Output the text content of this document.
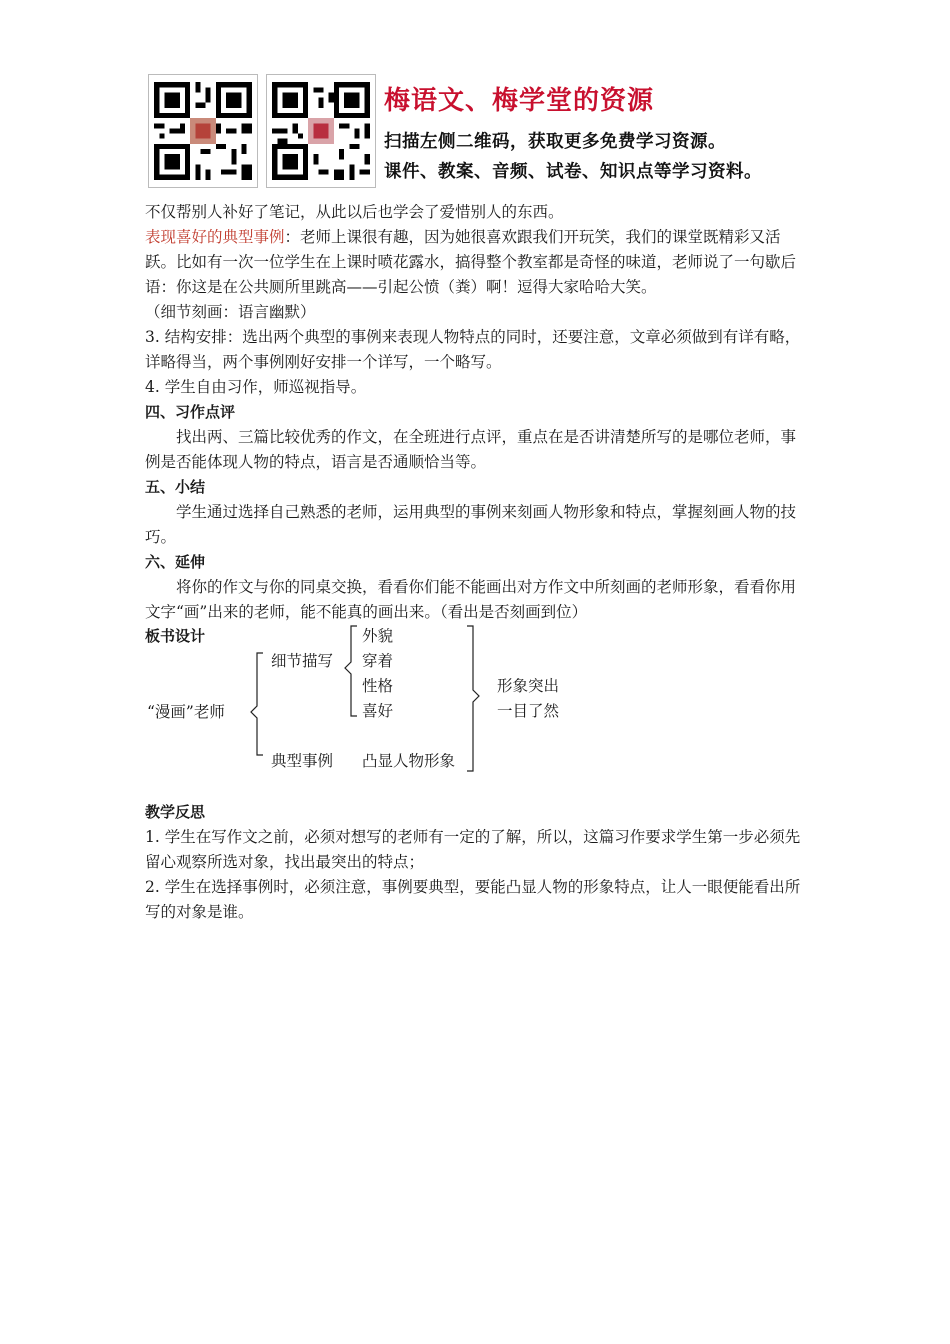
梅语文、梅学堂的资源
扫描左侧二维码，获取更多免费学习资源。
课件、教案、音频、试卷、知识点等学习资料。

不仅帮别人补好了笔记，从此以后也学会了爱惜别人的东西。

表现喜好的典型事例：老师上课很有趣，因为她很喜欢跟我们开玩笑，我们的课堂既精彩又活跃。比如有一次一位学生在上课时喷花露水，搞得整个教室都是奇怪的味道，老师说了一句歇后语：你这是在公共厕所里跳高——引起公愤（粪）啊！逗得大家哈哈大笑。

（细节刻画：语言幽默）

3. 结构安排：选出两个典型的事例来表现人物特点的同时，还要注意，文章必须做到有详有略，详略得当，两个事例刚好安排一个详写，一个略写。

4. 学生自由习作，师巡视指导。

四、习作点评

找出两、三篇比较优秀的作文，在全班进行点评，重点在是否讲清楚所写的是哪位老师，事例是否能体现人物的特点，语言是否通顺恰当等。

五、小结

学生通过选择自己熟悉的老师，运用典型的事例来刻画人物形象和特点，掌握刻画人物的技巧。

六、延伸

将你的作文与你的同桌交换，看看你们能不能画出对方作文中所刻画的老师形象，看看你用文字“画”出来的老师，能不能真的画出来。（看出是否刻画到位）

板书设计
“漫画”老师
细节描写
外貌
穿着
性格
喜好
典型事例 凸显人物形象
形象突出
一目了然

教学反思

1. 学生在写作文之前，必须对想写的老师有一定的了解，所以，这篇习作要求学生第一步必须先留心观察所选对象，找出最突出的特点；

2. 学生在选择事例时，必须注意，事例要典型，要能凸显人物的形象特点，让人一眼便能看出所写的对象是谁。
